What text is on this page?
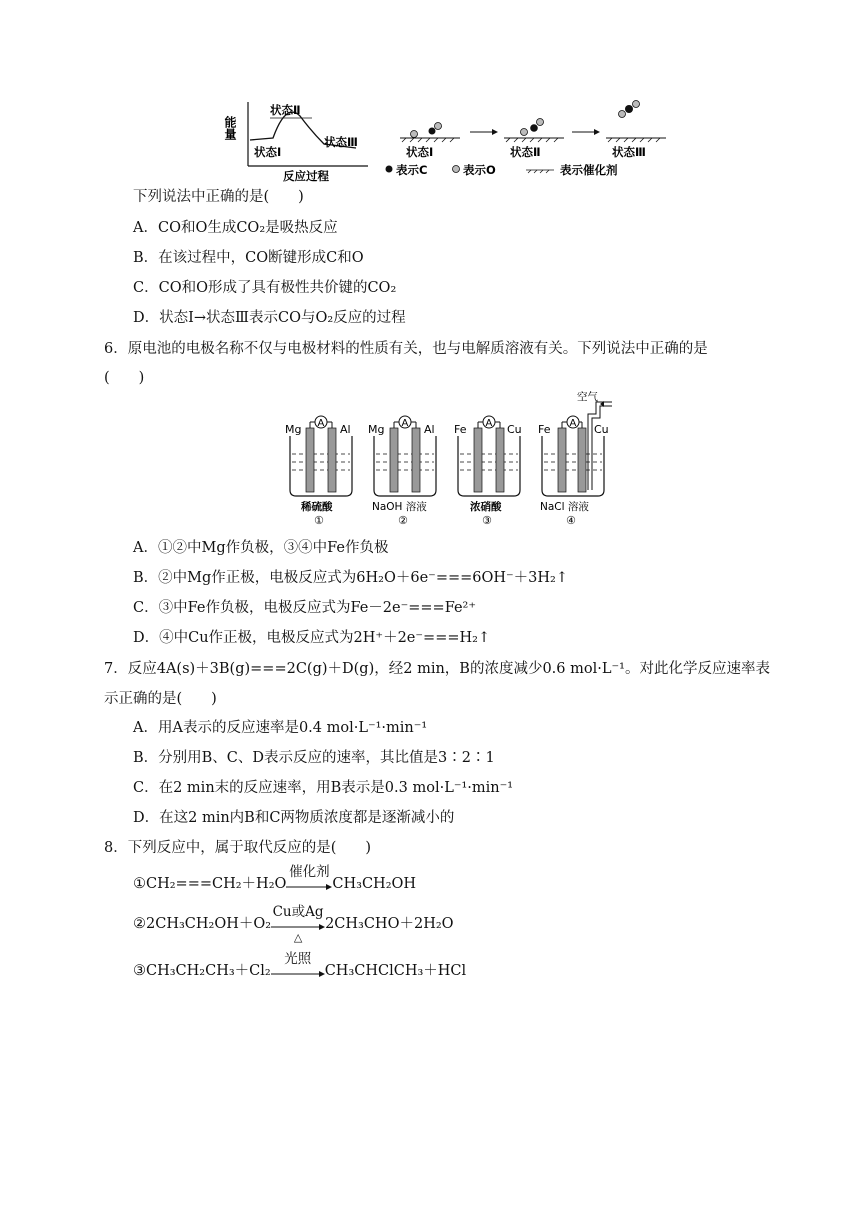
能量
状态Ⅱ
状态Ⅰ
状态Ⅲ
反应过程
状态Ⅰ	状态Ⅱ	状态Ⅲ
表示C	表示O	表示催化剂
下列说法中正确的是(　　)
A．CO和O生成CO₂是吸热反应
B．在该过程中，CO断键形成C和O
C．CO和O形成了具有极性共价键的CO₂
D．状态Ⅰ→状态Ⅲ表示CO与O₂反应的过程
6．原电池的电极名称不仅与电极材料的性质有关，也与电解质溶液有关。下列说法中正确的是
(　　)
A
Mg	Al
稀硫酸
①
A
Mg	Al
NaOH 溶液
②
A
Fe	Cu
浓硝酸
③
A
空气
Fe	Cu
NaCl 溶液
④
A．①②中Mg作负极，③④中Fe作负极
B．②中Mg作正极，电极反应式为6H₂O＋6e⁻===6OH⁻＋3H₂↑
C．③中Fe作负极，电极反应式为Fe－2e⁻===Fe²⁺
D．④中Cu作正极，电极反应式为2H⁺＋2e⁻===H₂↑
7．反应4A(s)＋3B(g)===2C(g)＋D(g)，经2 min，B的浓度减少0.6 mol·L⁻¹。对此化学反应速率表
示正确的是(　　)
A．用A表示的反应速率是0.4 mol·L⁻¹·min⁻¹
B．分别用B、C、D表示反应的速率，其比值是3∶2∶1
C．在2 min末的反应速率，用B表示是0.3 mol·L⁻¹·min⁻¹
D．在这2 min内B和C两物质浓度都是逐渐减小的
8．下列反应中，属于取代反应的是(　　)
①CH₂===CH₂＋H₂O
催化剂
CH₃CH₂OH
②2CH₃CH₂OH＋O₂
Cu或Ag
△
2CH₃CHO＋2H₂O
③CH₃CH₂CH₃＋Cl₂
光照
CH₃CHClCH₃＋HCl
